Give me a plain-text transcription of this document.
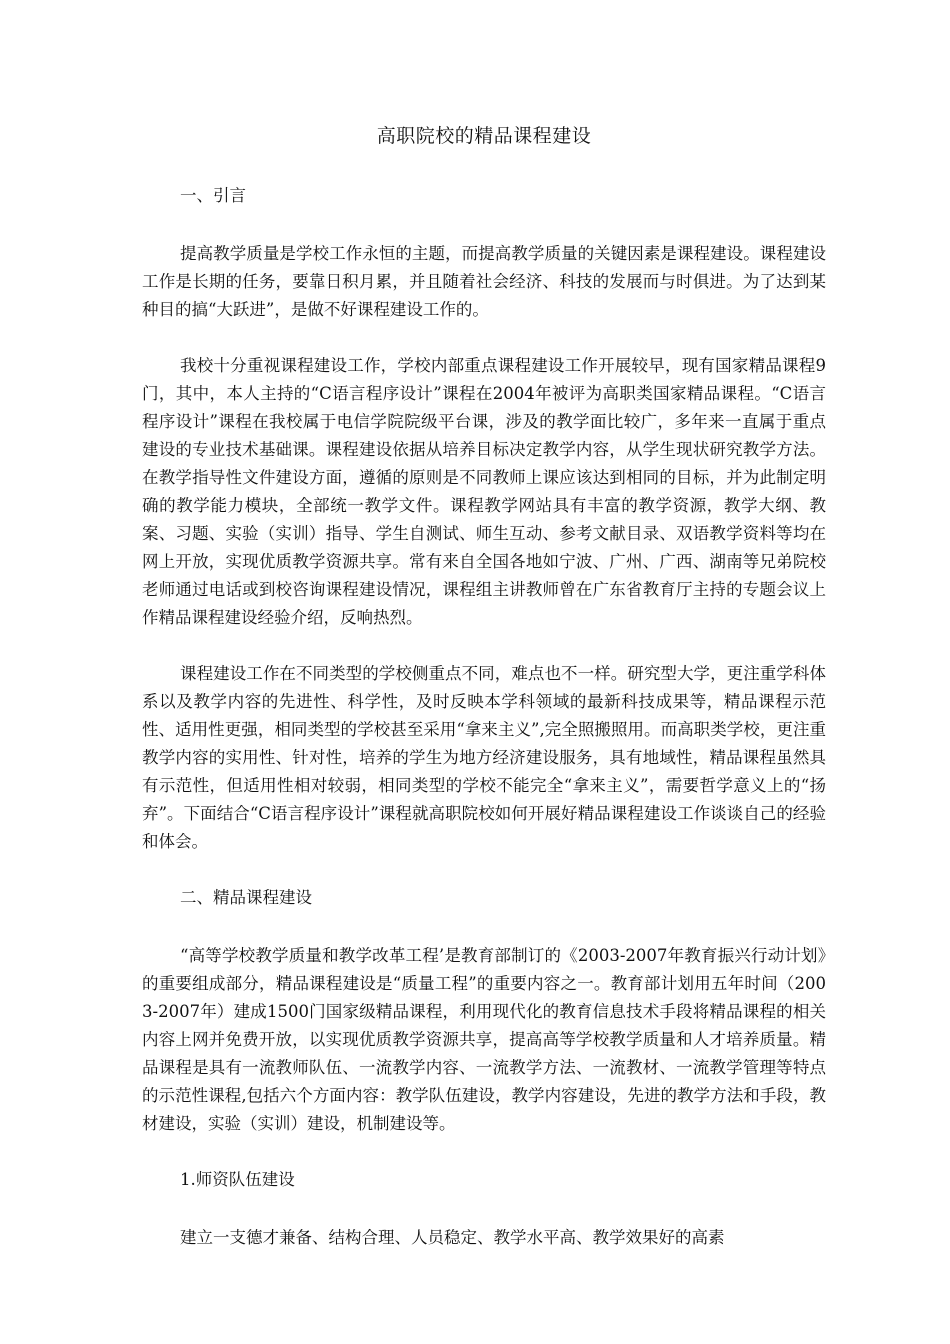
高职院校的精品课程建设
一、引言
提高教学质量是学校工作永恒的主题，而提高教学质量的关键因素是课程建设。课程建设工作是长期的任务，要靠日积月累，并且随着社会经济、科技的发展而与时俱进。为了达到某种目的搞“大跃进”，是做不好课程建设工作的。
我校十分重视课程建设工作，学校内部重点课程建设工作开展较早，现有国家精品课程9门，其中，本人主持的“C语言程序设计”课程在2004年被评为高职类国家精品课程。“C语言程序设计”课程在我校属于电信学院院级平台课，涉及的教学面比较广，多年来一直属于重点建设的专业技术基础课。课程建设依据从培养目标决定教学内容，从学生现状研究教学方法。在教学指导性文件建设方面，遵循的原则是不同教师上课应该达到相同的目标，并为此制定明确的教学能力模块，全部统一教学文件。课程教学网站具有丰富的教学资源，教学大纲、教案、习题、实验（实训）指导、学生自测试、师生互动、参考文献目录、双语教学资料等均在网上开放，实现优质教学资源共享。常有来自全国各地如宁波、广州、广西、湖南等兄弟院校老师通过电话或到校咨询课程建设情况，课程组主讲教师曾在广东省教育厅主持的专题会议上作精品课程建设经验介绍，反响热烈。
课程建设工作在不同类型的学校侧重点不同，难点也不一样。研究型大学，更注重学科体系以及教学内容的先进性、科学性，及时反映本学科领域的最新科技成果等，精品课程示范性、适用性更强，相同类型的学校甚至采用“拿来主义”,完全照搬照用。而高职类学校，更注重教学内容的实用性、针对性，培养的学生为地方经济建设服务，具有地域性，精品课程虽然具有示范性，但适用性相对较弱，相同类型的学校不能完全“拿来主义”，需要哲学意义上的“扬弃”。下面结合“C语言程序设计”课程就高职院校如何开展好精品课程建设工作谈谈自己的经验和体会。
二、精品课程建设
“高等学校教学质量和教学改革工程’是教育部制订的《2003-2007年教育振兴行动计划》的重要组成部分，精品课程建设是“质量工程”的重要内容之一。教育部计划用五年时间（2003-2007年）建成1500门国家级精品课程，利用现代化的教育信息技术手段将精品课程的相关内容上网并免费开放，以实现优质教学资源共享，提高高等学校教学质量和人才培养质量。精品课程是具有一流教师队伍、一流教学内容、一流教学方法、一流教材、一流教学管理等特点的示范性课程,包括六个方面内容：教学队伍建设，教学内容建设，先进的教学方法和手段，教材建设，实验（实训）建设，机制建设等。
1.师资队伍建设
建立一支德才兼备、结构合理、人员稳定、教学水平高、教学效果好的高素
